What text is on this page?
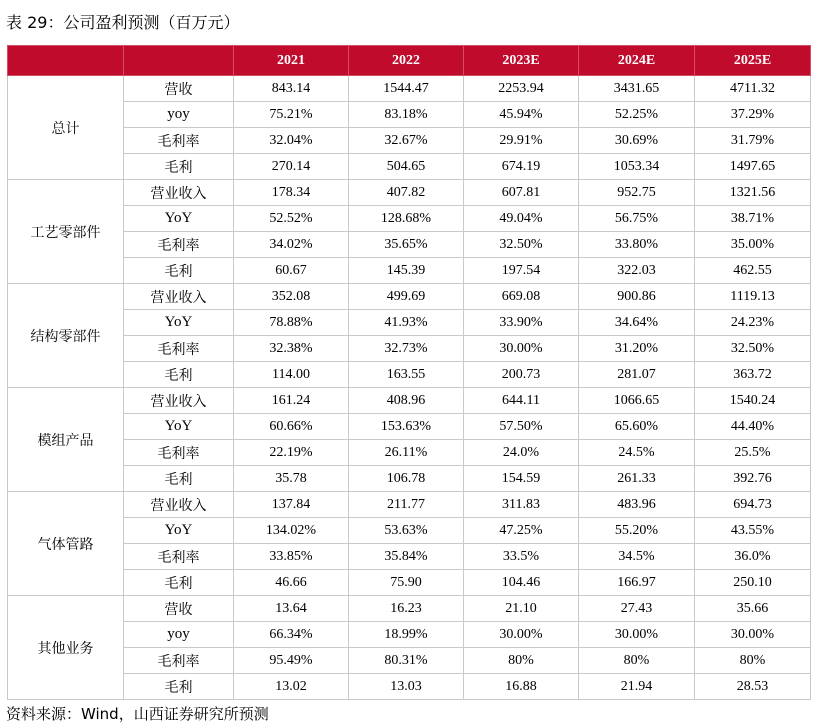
表 29：公司盈利预测（百万元）
		2021	2022	2023E	2024E	2025E
总计	营收	843.14	1544.47	2253.94	3431.65	4711.32
	yoy	75.21%	83.18%	45.94%	52.25%	37.29%
	毛利率	32.04%	32.67%	29.91%	30.69%	31.79%
	毛利	270.14	504.65	674.19	1053.34	1497.65
工艺零部件	营业收入	178.34	407.82	607.81	952.75	1321.56
	YoY	52.52%	128.68%	49.04%	56.75%	38.71%
	毛利率	34.02%	35.65%	32.50%	33.80%	35.00%
	毛利	60.67	145.39	197.54	322.03	462.55
结构零部件	营业收入	352.08	499.69	669.08	900.86	1119.13
	YoY	78.88%	41.93%	33.90%	34.64%	24.23%
	毛利率	32.38%	32.73%	30.00%	31.20%	32.50%
	毛利	114.00	163.55	200.73	281.07	363.72
模组产品	营业收入	161.24	408.96	644.11	1066.65	1540.24
	YoY	60.66%	153.63%	57.50%	65.60%	44.40%
	毛利率	22.19%	26.11%	24.0%	24.5%	25.5%
	毛利	35.78	106.78	154.59	261.33	392.76
气体管路	营业收入	137.84	211.77	311.83	483.96	694.73
	YoY	134.02%	53.63%	47.25%	55.20%	43.55%
	毛利率	33.85%	35.84%	33.5%	34.5%	36.0%
	毛利	46.66	75.90	104.46	166.97	250.10
其他业务	营收	13.64	16.23	21.10	27.43	35.66
	yoy	66.34%	18.99%	30.00%	30.00%	30.00%
	毛利率	95.49%	80.31%	80%	80%	80%
	毛利	13.02	13.03	16.88	21.94	28.53
资料来源：Wind，山西证券研究所预测
